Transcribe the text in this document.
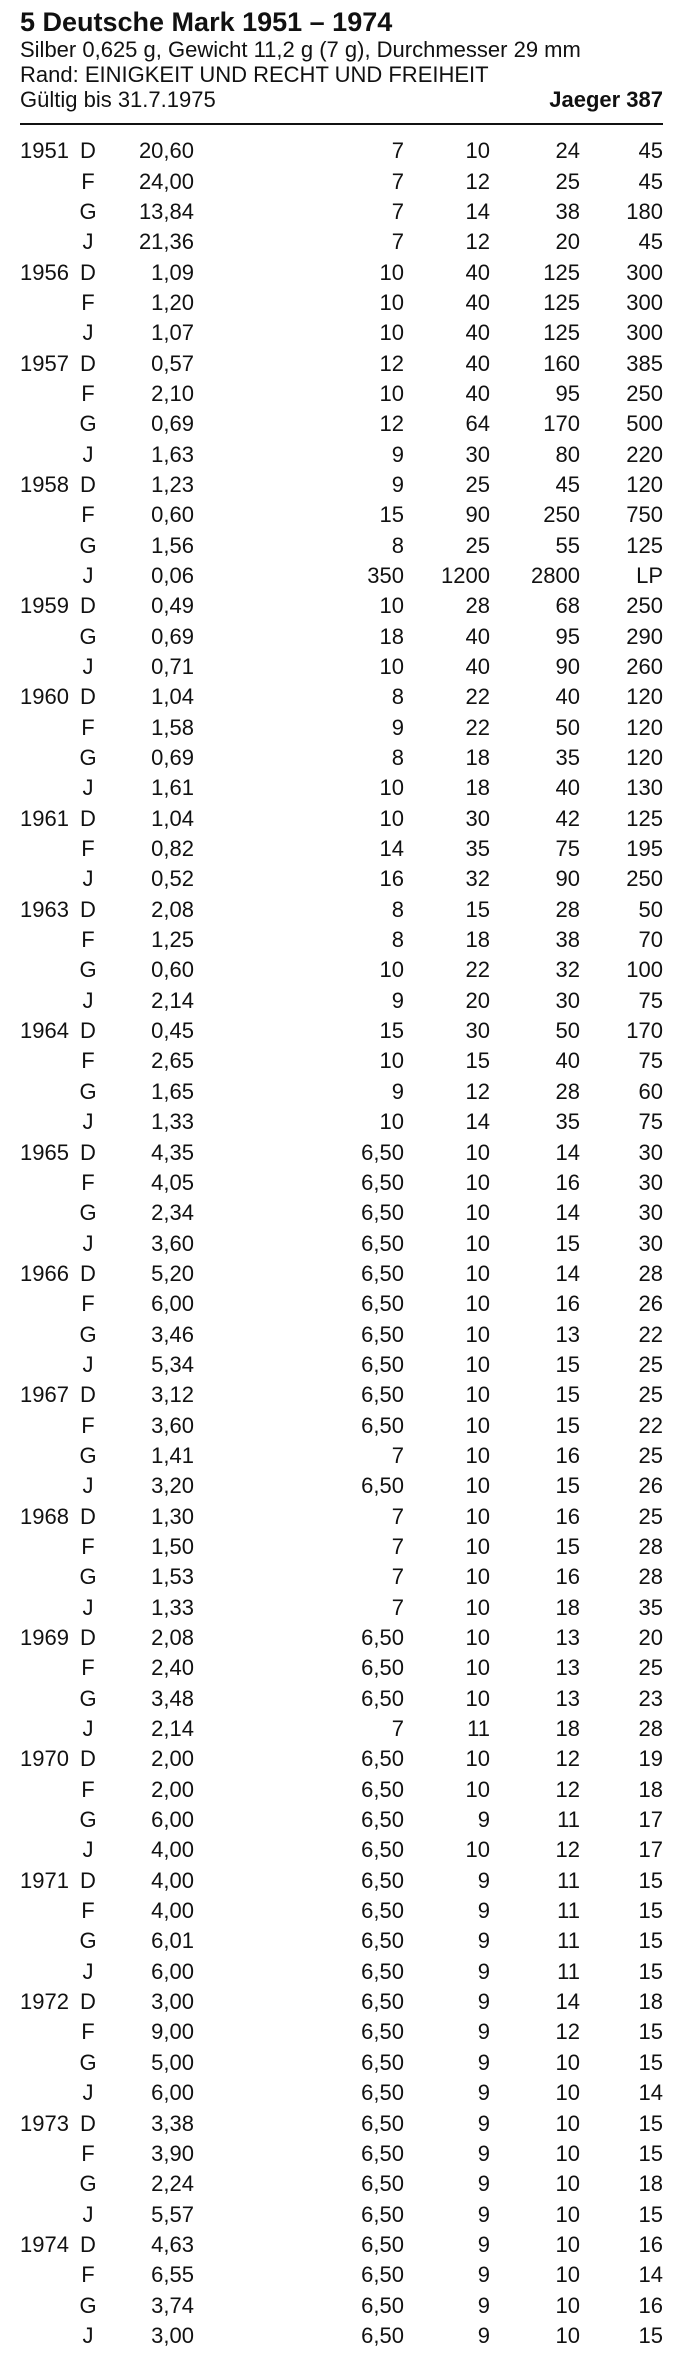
5 Deutsche Mark 1951 – 1974
Silber 0,625 g, Gewicht 11,2 g (7 g), Durchmesser 29 mm
Rand: EINIGKEIT UND RECHT UND FREIHEIT
Gültig bis 31.7.1975	Jaeger 387
1951 D	20,60	7	10	24	45
F	24,00	7	12	25	45
G	13,84	7	14	38	180
J	21,36	7	12	20	45
1956 D	1,09	10	40	125	300
F	1,20	10	40	125	300
J	1,07	10	40	125	300
1957 D	0,57	12	40	160	385
F	2,10	10	40	95	250
G	0,69	12	64	170	500
J	1,63	9	30	80	220
1958 D	1,23	9	25	45	120
F	0,60	15	90	250	750
G	1,56	8	25	55	125
J	0,06	350	1200	2800	LP
1959 D	0,49	10	28	68	250
G	0,69	18	40	95	290
J	0,71	10	40	90	260
1960 D	1,04	8	22	40	120
F	1,58	9	22	50	120
G	0,69	8	18	35	120
J	1,61	10	18	40	130
1961 D	1,04	10	30	42	125
F	0,82	14	35	75	195
J	0,52	16	32	90	250
1963 D	2,08	8	15	28	50
F	1,25	8	18	38	70
G	0,60	10	22	32	100
J	2,14	9	20	30	75
1964 D	0,45	15	30	50	170
F	2,65	10	15	40	75
G	1,65	9	12	28	60
J	1,33	10	14	35	75
1965 D	4,35	6,50	10	14	30
F	4,05	6,50	10	16	30
G	2,34	6,50	10	14	30
J	3,60	6,50	10	15	30
1966 D	5,20	6,50	10	14	28
F	6,00	6,50	10	16	26
G	3,46	6,50	10	13	22
J	5,34	6,50	10	15	25
1967 D	3,12	6,50	10	15	25
F	3,60	6,50	10	15	22
G	1,41	7	10	16	25
J	3,20	6,50	10	15	26
1968 D	1,30	7	10	16	25
F	1,50	7	10	15	28
G	1,53	7	10	16	28
J	1,33	7	10	18	35
1969 D	2,08	6,50	10	13	20
F	2,40	6,50	10	13	25
G	3,48	6,50	10	13	23
J	2,14	7	11	18	28
1970 D	2,00	6,50	10	12	19
F	2,00	6,50	10	12	18
G	6,00	6,50	9	11	17
J	4,00	6,50	10	12	17
1971 D	4,00	6,50	9	11	15
F	4,00	6,50	9	11	15
G	6,01	6,50	9	11	15
J	6,00	6,50	9	11	15
1972 D	3,00	6,50	9	14	18
F	9,00	6,50	9	12	15
G	5,00	6,50	9	10	15
J	6,00	6,50	9	10	14
1973 D	3,38	6,50	9	10	15
F	3,90	6,50	9	10	15
G	2,24	6,50	9	10	18
J	5,57	6,50	9	10	15
1974 D	4,63	6,50	9	10	16
F	6,55	6,50	9	10	14
G	3,74	6,50	9	10	16
J	3,00	6,50	9	10	15
